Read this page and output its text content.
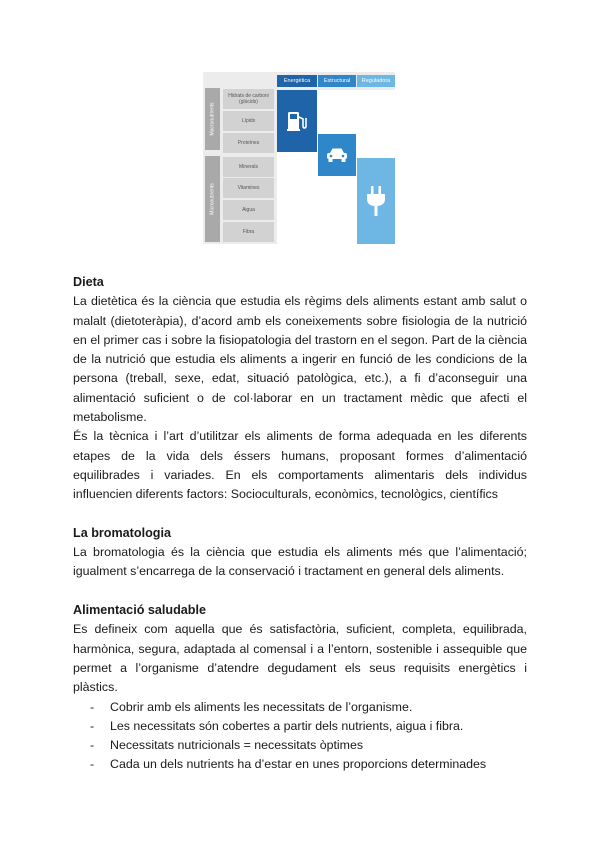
Energètica	Estructural	Reguladora
Macronutrients
Micronutrients
Hidrats de carboni (glúcids)
Lípids
Proteïnes
Minerals
Vitamines
Aigua
Fibra
Dieta

La dietètica és la ciència que estudia els règims dels aliments estant amb salut o malalt (dietoteràpia), d’acord amb els coneixements sobre fisiologia de la nutrició en el primer cas i sobre la fisiopatologia del trastorn en el segon. Part de la ciència de la nutrició que estudia els aliments a ingerir en funció de les condicions de la persona (treball, sexe, edat, situació patològica, etc.), a fi d’aconseguir una alimentació suficient o de col·laborar en un tractament mèdic que afecti el metabolisme.

És la tècnica i l’art d’utilitzar els aliments de forma adequada en les diferents etapes de la vida dels éssers humans, proposant formes d’alimentació equilibrades i variades. En els comportaments alimentaris dels individus influencien diferents factors: Socioculturals, econòmics, tecnològics, científics

La bromatologia

La bromatologia és la ciència que estudia els aliments més que l’alimentació; igualment s’encarrega de la conservació i tractament en general dels aliments.

Alimentació saludable

Es defineix com aquella que és satisfactòria, suficient, completa, equilibrada, harmònica, segura, adaptada al comensal i a l’entorn, sostenible i assequible que permet a l’organisme d’atendre degudament els seus requisits energètics i plàstics.

- Cobrir amb els aliments les necessitats de l’organisme.
- Les necessitats són cobertes a partir dels nutrients, aigua i fibra.
- Necessitats nutricionals = necessitats òptimes
- Cada un dels nutrients ha d’estar en unes proporcions determinades
